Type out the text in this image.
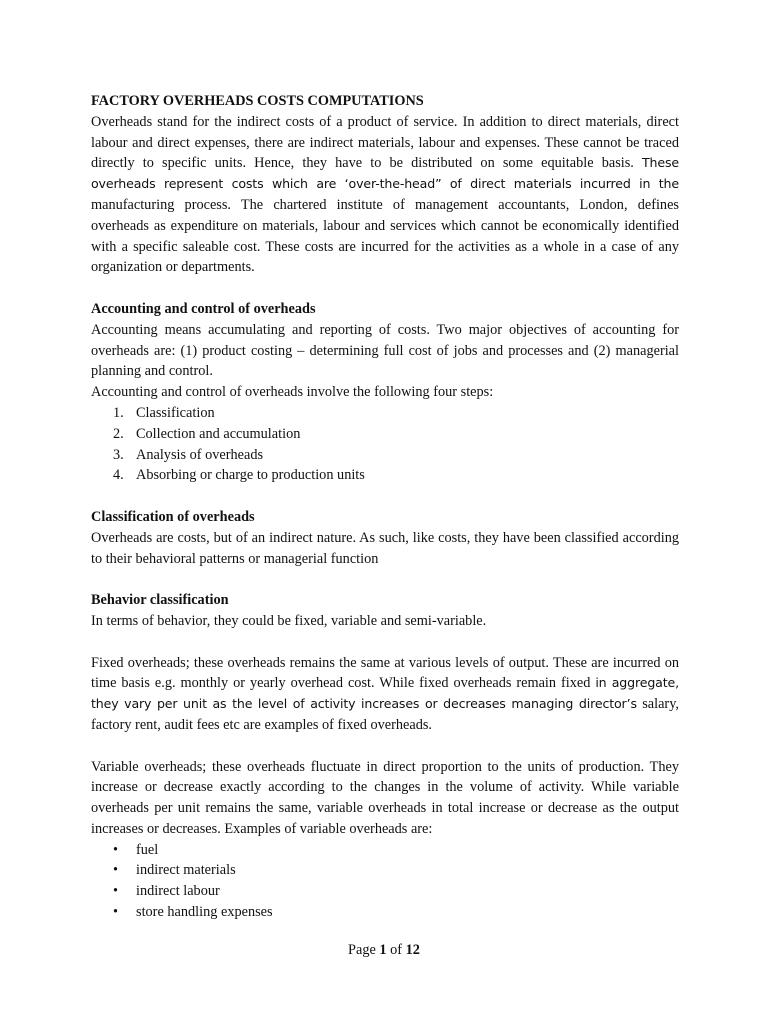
FACTORY OVERHEADS COSTS COMPUTATIONS

Overheads stand for the indirect costs of a product of service. In addition to direct materials, direct labour and direct expenses, there are indirect materials, labour and expenses. These cannot be traced directly to specific units. Hence, they have to be distributed on some equitable basis. These overheads represent costs which are ‘over-the-head” of direct materials incurred in the manufacturing process. The chartered institute of management accountants, London, defines overheads as expenditure on materials, labour and services which cannot be economically identified with a specific saleable cost. These costs are incurred for the activities as a whole in a case of any organization or departments.

Accounting and control of overheads

Accounting means accumulating and reporting of costs. Two major objectives of accounting for overheads are: (1) product costing – determining full cost of jobs and processes and (2) managerial planning and control.

Accounting and control of overheads involve the following four steps:

1. Classification
2. Collection and accumulation
3. Analysis of overheads
4. Absorbing or charge to production units
Classification of overheads

Overheads are costs, but of an indirect nature. As such, like costs, they have been classified according to their behavioral patterns or managerial function

Behavior classification

In terms of behavior, they could be fixed, variable and semi-variable.

Fixed overheads; these overheads remains the same at various levels of output. These are incurred on time basis e.g. monthly or yearly overhead cost. While fixed overheads remain fixed in aggregate, they vary per unit as the level of activity increases or decreases managing director’s salary, factory rent, audit fees etc are examples of fixed overheads.

Variable overheads; these overheads fluctuate in direct proportion to the units of production. They increase or decrease exactly according to the changes in the volume of activity. While variable overheads per unit remains the same, variable overheads in total increase or decrease as the output increases or decreases. Examples of variable overheads are:

• fuel
• indirect materials
• indirect labour
• store handling expenses
Page 1 of 12
